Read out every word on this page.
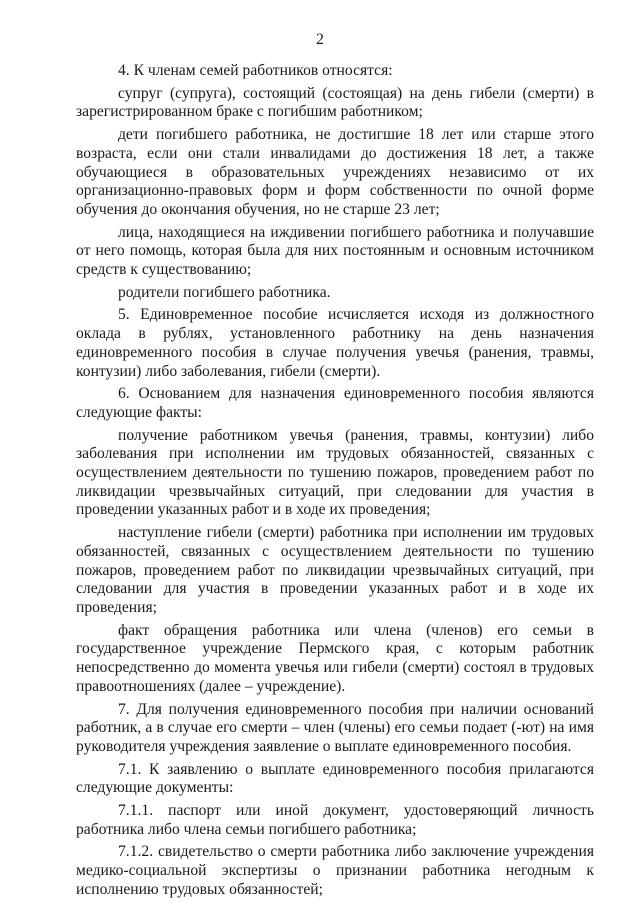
2

4. К членам семей работников относятся:

супруг (супруга), состоящий (состоящая) на день гибели (смерти) в зарегистрированном браке с погибшим работником;

дети погибшего работника, не достигшие 18 лет или старше этого возраста, если они стали инвалидами до достижения 18 лет, а также обучающиеся в образовательных учреждениях независимо от их организационно-правовых форм и форм собственности по очной форме обучения до окончания обучения, но не старше 23 лет;

лица, находящиеся на иждивении погибшего работника и получавшие от него помощь, которая была для них постоянным и основным источником средств к существованию;

родители погибшего работника.

5. Единовременное пособие исчисляется исходя из должностного оклада в рублях, установленного работнику на день назначения единовременного пособия в случае получения увечья (ранения, травмы, контузии) либо заболевания, гибели (смерти).

6. Основанием для назначения единовременного пособия являются следующие факты:

получение работником увечья (ранения, травмы, контузии) либо заболевания при исполнении им трудовых обязанностей, связанных с осуществлением деятельности по тушению пожаров, проведением работ по ликвидации чрезвычайных ситуаций, при следовании для участия в проведении указанных работ и в ходе их проведения;

наступление гибели (смерти) работника при исполнении им трудовых обязанностей, связанных с осуществлением деятельности по тушению пожаров, проведением работ по ликвидации чрезвычайных ситуаций, при следовании для участия в проведении указанных работ и в ходе их проведения;

факт обращения работника или члена (членов) его семьи в государственное учреждение Пермского края, с которым работник непосредственно до момента увечья или гибели (смерти) состоял в трудовых правоотношениях (далее – учреждение).

7. Для получения единовременного пособия при наличии оснований работник, а в случае его смерти – член (члены) его семьи подает (-ют) на имя руководителя учреждения заявление о выплате единовременного пособия.

7.1. К заявлению о выплате единовременного пособия прилагаются следующие документы:

7.1.1. паспорт или иной документ, удостоверяющий личность работника либо члена семьи погибшего работника;

7.1.2. свидетельство о смерти работника либо заключение учреждения медико-социальной экспертизы о признании работника негодным к исполнению трудовых обязанностей;
